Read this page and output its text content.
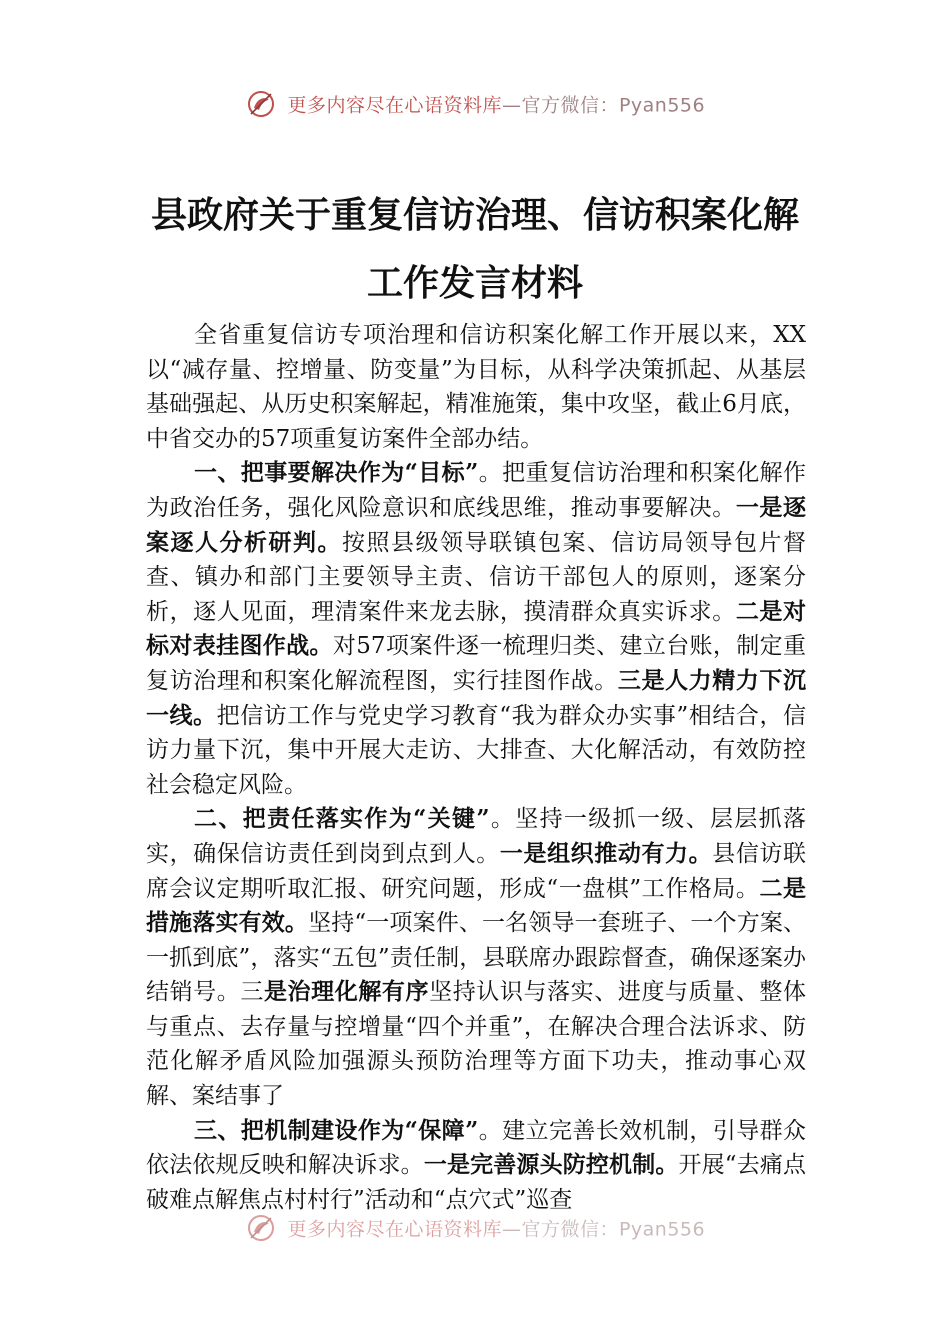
更多内容尽在心语资料库—官方微信：Pyan556
县政府关于重复信访治理、信访积案化解
工作发言材料

全省重复信访专项治理和信访积案化解工作开展以来，XX以“减存量、控增量、防变量”为目标，从科学决策抓起、从基层基础强起、从历史积案解起，精准施策，集中攻坚，截止6月底，中省交办的57项重复访案件全部办结。

一、把事要解决作为“目标”。把重复信访治理和积案化解作为政治任务，强化风险意识和底线思维，推动事要解决。一是逐案逐人分析研判。按照县级领导联镇包案、信访局领导包片督查、镇办和部门主要领导主责、信访干部包人的原则，逐案分析，逐人见面，理清案件来龙去脉，摸清群众真实诉求。二是对标对表挂图作战。对57项案件逐一梳理归类、建立台账，制定重复访治理和积案化解流程图，实行挂图作战。三是人力精力下沉一线。把信访工作与党史学习教育“我为群众办实事”相结合，信访力量下沉，集中开展大走访、大排查、大化解活动，有效防控社会稳定风险。

二、把责任落实作为“关键”。坚持一级抓一级、层层抓落实，确保信访责任到岗到点到人。一是组织推动有力。县信访联席会议定期听取汇报、研究问题，形成“一盘棋”工作格局。二是措施落实有效。坚持“一项案件、一名领导一套班子、一个方案、一抓到底”，落实“五包”责任制，县联席办跟踪督查，确保逐案办结销号。三是治理化解有序坚持认识与落实、进度与质量、整体与重点、去存量与控增量“四个并重”，在解决合理合法诉求、防范化解矛盾风险加强源头预防治理等方面下功夫，推动事心双解、案结事了

三、把机制建设作为“保障”。建立完善长效机制，引导群众依法依规反映和解决诉求。一是完善源头防控机制。开展“去痛点破难点解焦点村村行”活动和“点穴式”巡查

更多内容尽在心语资料库—官方微信：Pyan556
